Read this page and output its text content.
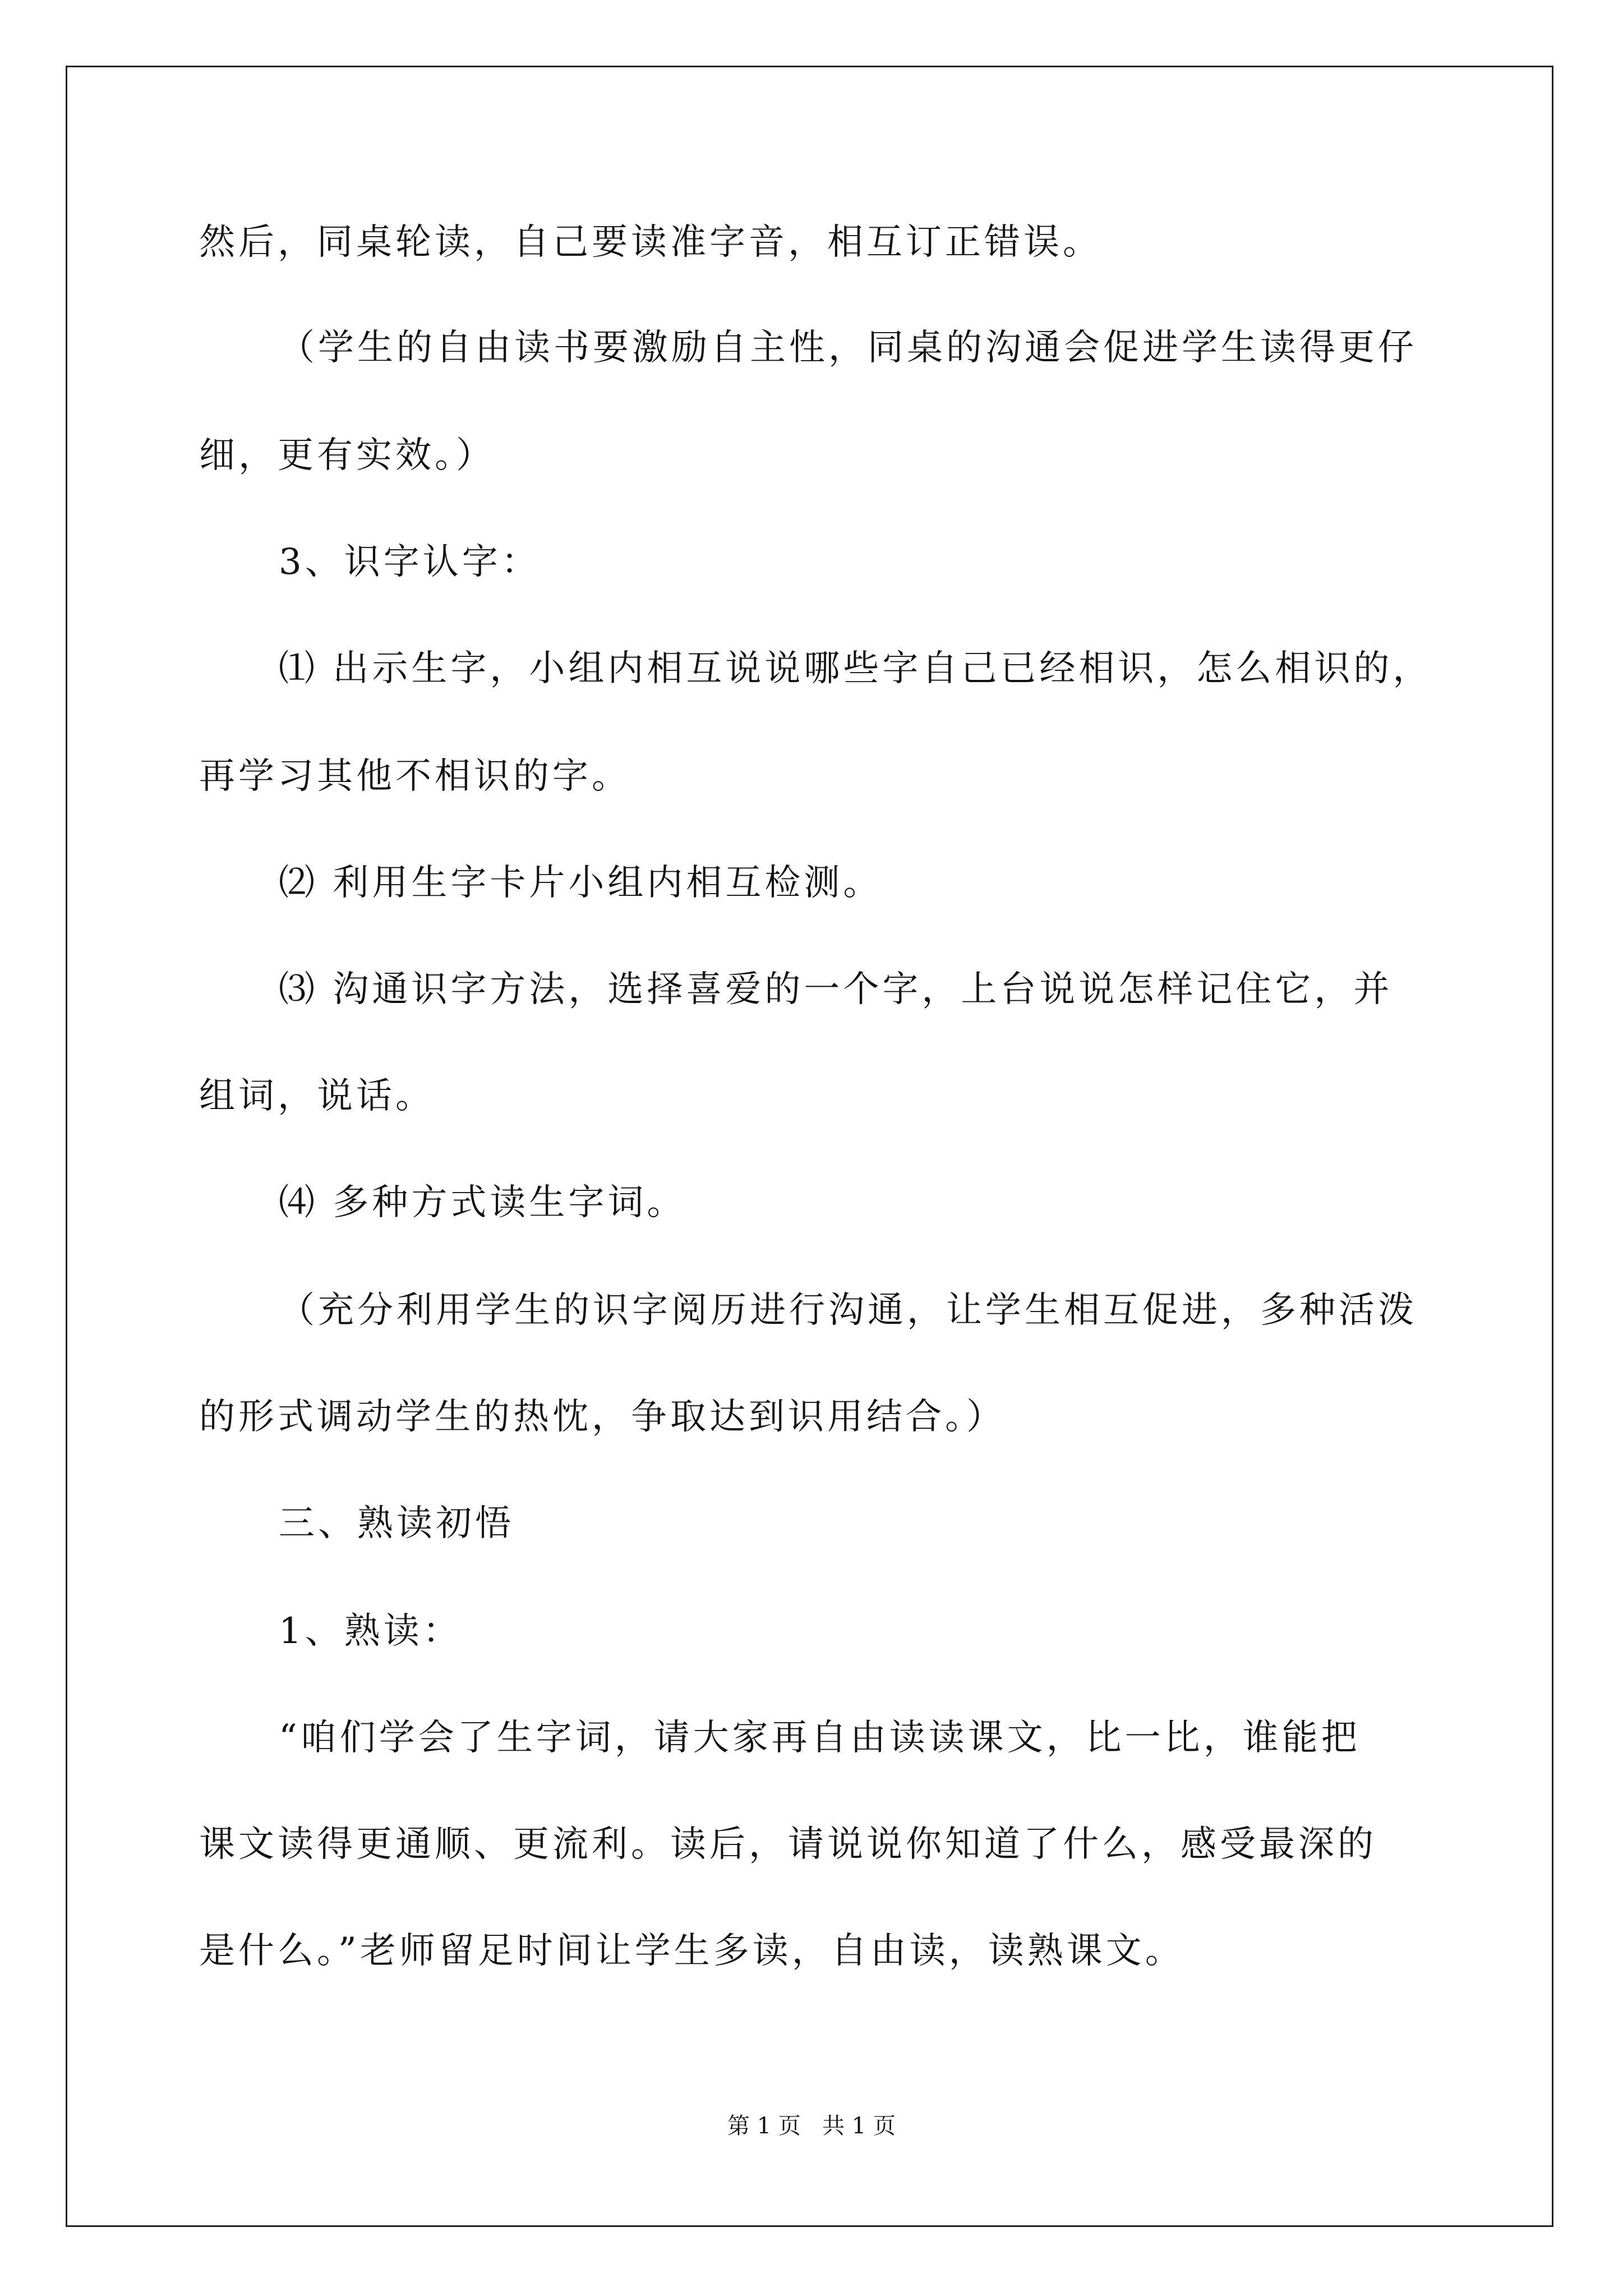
然后，同桌轮读，自己要读准字音，相互订正错误。
（学生的自由读书要激励自主性，同桌的沟通会促进学生读得更仔
细，更有实效。）
3、识字认字：
⑴ 出示生字，小组内相互说说哪些字自己已经相识，怎么相识的，
再学习其他不相识的字。
⑵ 利用生字卡片小组内相互检测。
⑶ 沟通识字方法，选择喜爱的一个字，上台说说怎样记住它，并
组词，说话。
⑷ 多种方式读生字词。
（充分利用学生的识字阅历进行沟通，让学生相互促进，多种活泼
的形式调动学生的热忱，争取达到识用结合。）
三、熟读初悟
1、熟读：
“咱们学会了生字词，请大家再自由读读课文，比一比，谁能把
课文读得更通顺、更流利。读后，请说说你知道了什么，感受最深的
是什么。”老师留足时间让学生多读，自由读，读熟课文。
第 1 页   共 1 页
